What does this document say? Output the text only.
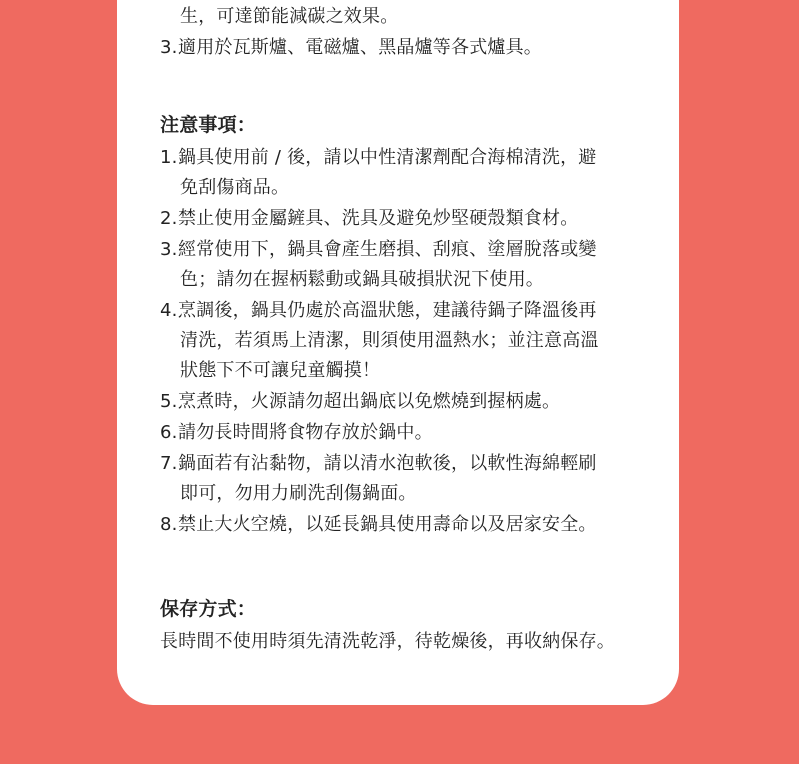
生，可達節能減碳之效果。
3.適用於瓦斯爐、電磁爐、黑晶爐等各式爐具。
注意事項：
1.鍋具使用前 / 後，請以中性清潔劑配合海棉清洗，避
免刮傷商品。
2.禁止使用金屬鏟具、洗具及避免炒堅硬殼類食材。
3.經常使用下，鍋具會產生磨損、刮痕、塗層脫落或變
色；請勿在握柄鬆動或鍋具破損狀況下使用。
4.烹調後，鍋具仍處於高溫狀態，建議待鍋子降溫後再
清洗，若須馬上清潔，則須使用溫熱水；並注意高溫
狀態下不可讓兒童觸摸！
5.烹煮時，火源請勿超出鍋底以免燃燒到握柄處。
6.請勿長時間將食物存放於鍋中。
7.鍋面若有沾黏物，請以清水泡軟後，以軟性海綿輕刷
即可，勿用力刷洗刮傷鍋面。
8.禁止大火空燒，以延長鍋具使用壽命以及居家安全。
保存方式：
長時間不使用時須先清洗乾淨，待乾燥後，再收納保存。
